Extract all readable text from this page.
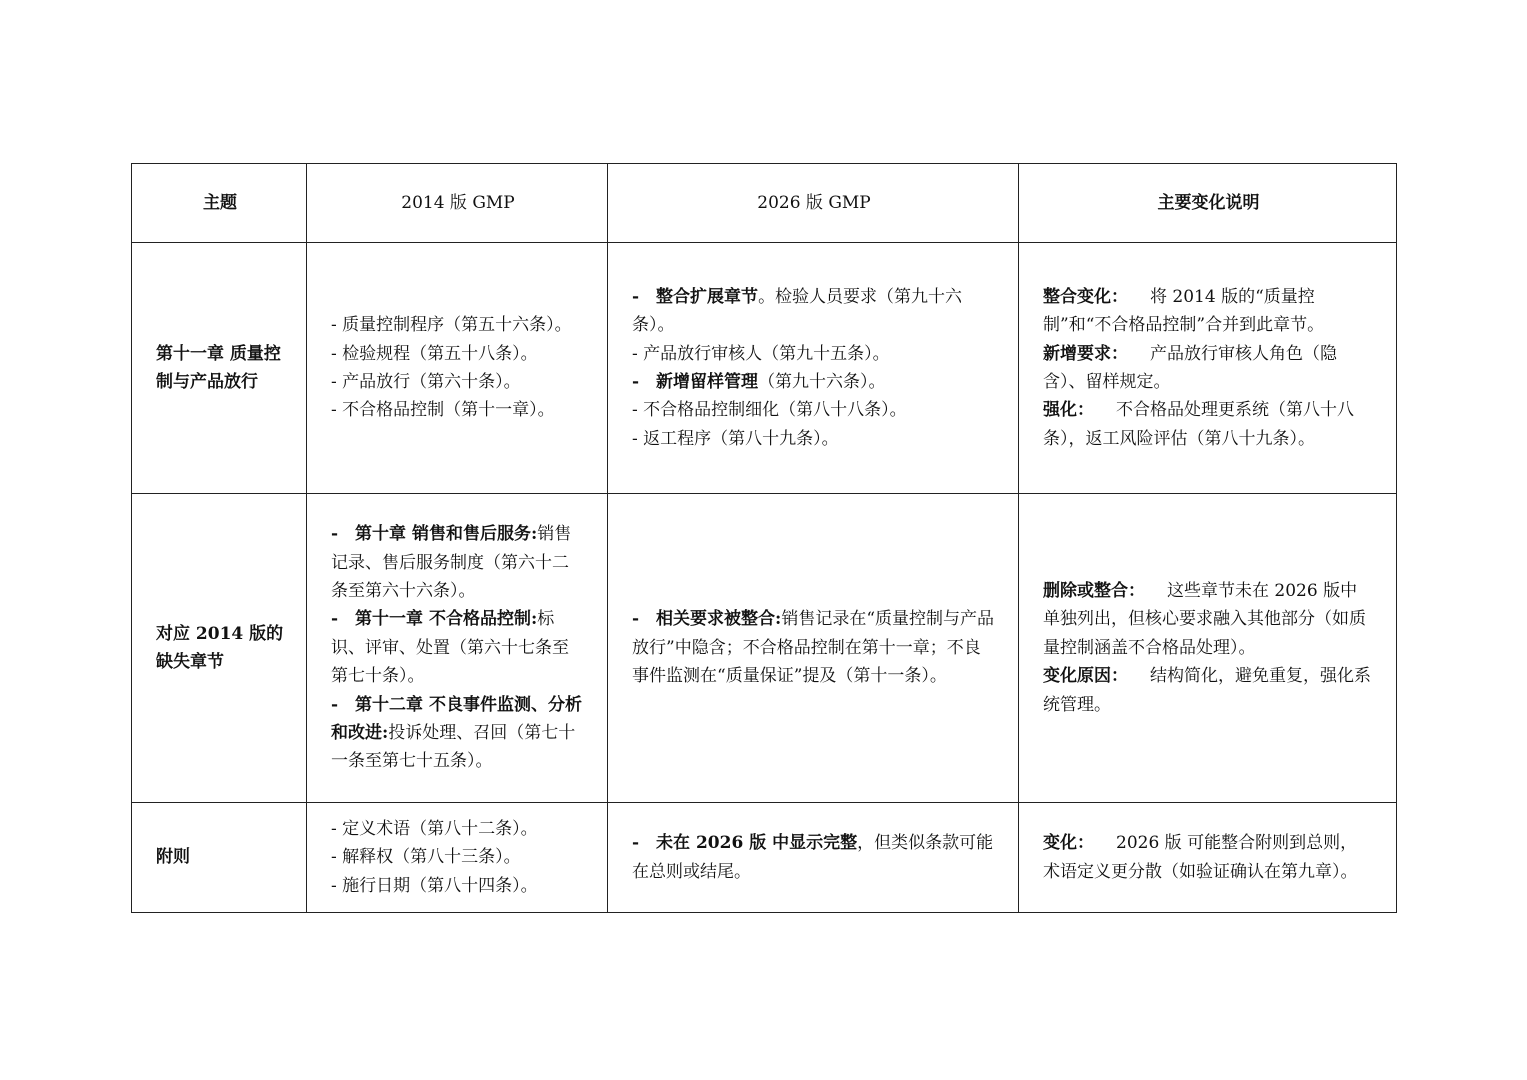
主题	2014 版 GMP	2026 版 GMP	主要变化说明
第十一章 质量控制与产品放行	- 质量控制程序（第五十六条）。
- 检验规程（第五十八条）。
- 产品放行（第六十条）。
- 不合格品控制（第十一章）。	-　整合扩展章节。检验人员要求（第九十六条）。
- 产品放行审核人（第九十五条）。
-　新增留样管理（第九十六条）。
- 不合格品控制细化（第八十八条）。
- 返工程序（第八十九条）。	整合变化： 将 2014 版的“质量控制”和“不合格品控制”合并到此章节。
新增要求： 产品放行审核人角色（隐含）、留样规定。
强化： 不合格品处理更系统（第八十八条），返工风险评估（第八十九条）。

对应 2014 版的缺失章节	-　第十章 销售和售后服务:销售记录、售后服务制度（第六十二条至第六十六条）。
-　第十一章 不合格品控制:标识、评审、处置（第六十七条至第七十条）。
-　第十二章 不良事件监测、分析和改进:投诉处理、召回（第七十一条至第七十五条）。	-　相关要求被整合:销售记录在“质量控制与产品放行”中隐含；不合格品控制在第十一章；不良事件监测在“质量保证”提及（第十一条）。	删除或整合： 这些章节未在 2026 版中单独列出，但核心要求融入其他部分（如质量控制涵盖不合格品处理）。
变化原因： 结构简化，避免重复，强化系统管理。

附则	- 定义术语（第八十二条）。
- 解释权（第八十三条）。
- 施行日期（第八十四条）。	-　未在 2026 版 中显示完整，但类似条款可能在总则或结尾。	变化： 2026 版 可能整合附则到总则，术语定义更分散（如验证确认在第九章）。
